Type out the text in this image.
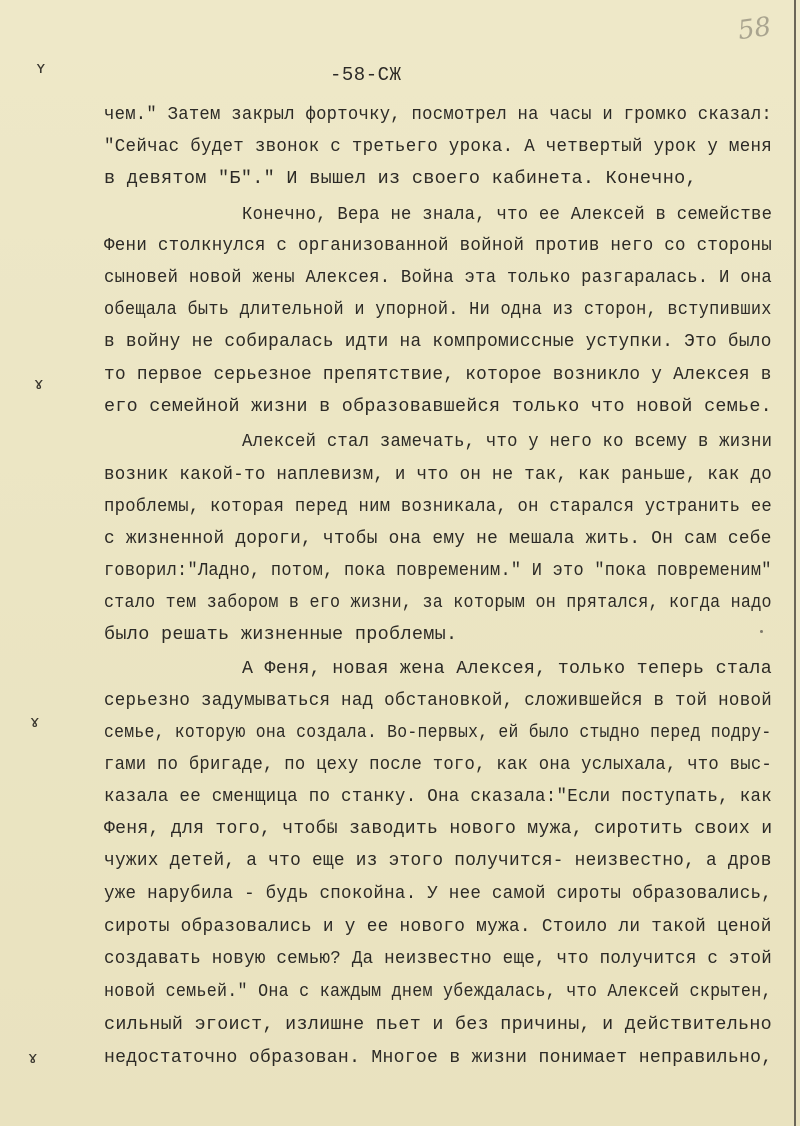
58
-58-СЖ
ʏ
ɤ
ɤ
ɤ
чем." Затем закрыл форточку, посмотрел на часы и громко сказал:
"Сейчас будет звонок с третьего урока. А четвертый урок у меня
в девятом "Б"." И вышел из своего кабинета. Конечно,
Конечно, Вера не знала, что ее Алексей в семействе
Фени столкнулся с организованной войной против него со стороны
сыновей новой жены Алексея. Война эта только разгаралась. И она
обещала быть длительной и упорной. Ни одна из сторон, вступивших
в войну не собиралась идти на компромиссные уступки. Это было
то первое серьезное препятствие, которое возникло у Алексея в
его семейной жизни в образовавшейся только что новой семье.
Алексей стал замечать, что у него ко всему в жизни
возник какой-то наплевизм, и что он не так, как раньше, как до
проблемы, которая перед ним возникала, он старался устранить ее
с жизненной дороги, чтобы она ему не мешала жить. Он сам себе
говорил:"Ладно, потом, пока повременим." И это "пока повременим"
стало тем забором в его жизни, за которым он прятался, когда надо
было решать жизненные проблемы.
А Феня, новая жена Алексея, только теперь стала
серьезно задумываться над обстановкой, сложившейся в той новой
семье, которую она создала. Во-первых, ей было стыдно перед подру-
гами по бригаде, по цеху после того, как она услыхала, что выс-
казала ее сменщица по станку. Она сказала:"Если поступать, как
Феня, для того, чтобы заводить нового мужа, сиротить своих и
чужих детей, а что еще из этого получится- неизвестно, а дров
уже нарубила - будь спокойна. У нее самой сироты образовались,
сироты образовались и у ее нового мужа. Стоило ли такой ценой
создавать новую семью? Да неизвестно еще, что получится с этой
новой семьей." Она с каждым днем убеждалась, что Алексей скрытен,
сильный эгоист, излишне пьет и без причины, и действительно
недостаточно образован. Многое в жизни понимает неправильно,
